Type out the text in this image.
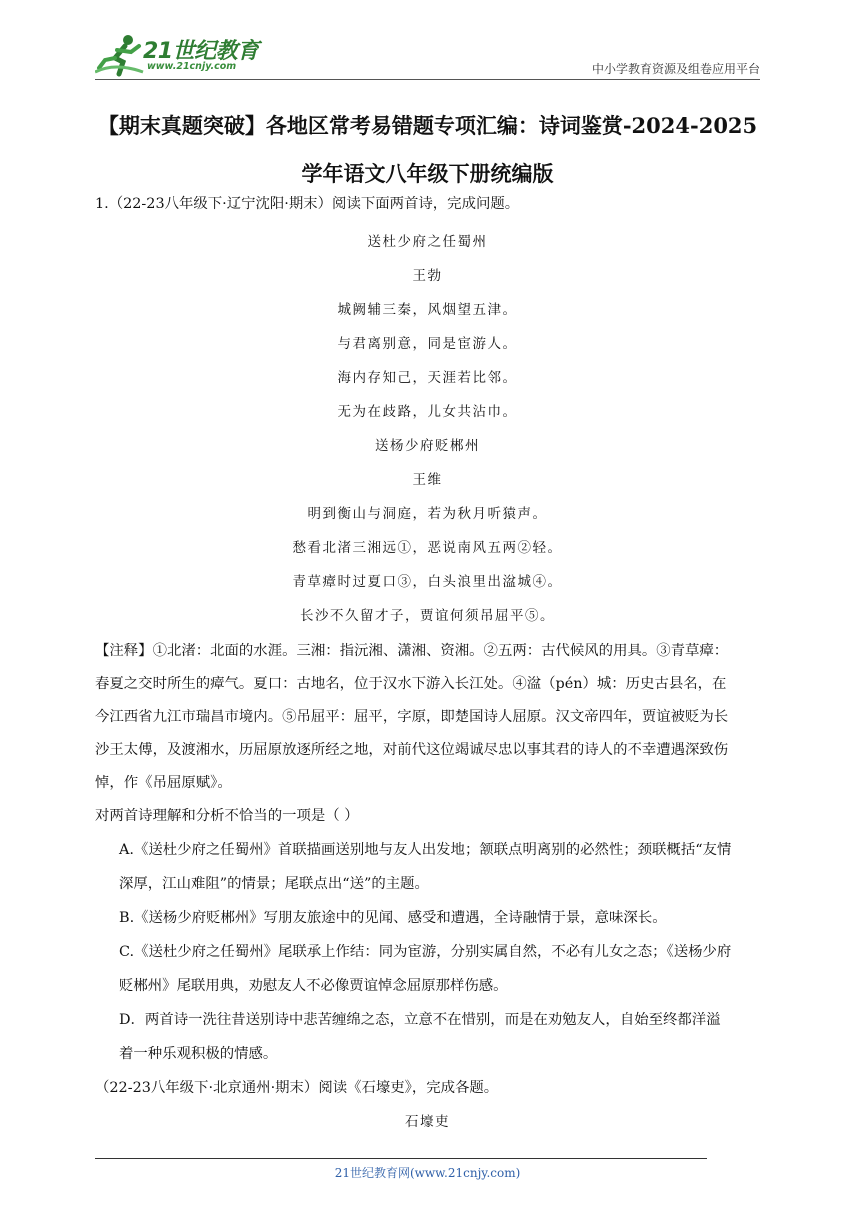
21世纪教育
www.21cnjy.com	中小学教育资源及组卷应用平台
【期末真题突破】各地区常考易错题专项汇编：诗词鉴赏-2024-2025
学年语文八年级下册统编版
1.（22-23八年级下·辽宁沈阳·期末）阅读下面两首诗，完成问题。
送杜少府之任蜀州
王勃
城阙辅三秦，风烟望五津。
与君离别意，同是宦游人。
海内存知己，天涯若比邻。
无为在歧路，儿女共沾巾。
送杨少府贬郴州
王维
明到衡山与洞庭，若为秋月听猿声。
愁看北渚三湘远①，恶说南风五两②轻。
青草瘴时过夏口③，白头浪里出湓城④。
长沙不久留才子，贾谊何须吊屈平⑤。
【注释】①北渚：北面的水涯。三湘：指沅湘、潇湘、资湘。②五两：古代候风的用具。③青草瘴：
春夏之交时所生的瘴气。夏口：古地名，位于汉水下游入长江处。④湓（pén）城：历史古县名，在
今江西省九江市瑞昌市境内。⑤吊屈平：屈平，字原，即楚国诗人屈原。汉文帝四年，贾谊被贬为长
沙王太傅，及渡湘水，历屈原放逐所经之地，对前代这位竭诚尽忠以事其君的诗人的不幸遭遇深致伤
悼，作《吊屈原赋》。
对两首诗理解和分析不恰当的一项是（ ）
A.《送杜少府之任蜀州》首联描画送别地与友人出发地；颔联点明离别的必然性；颈联概括“友情
深厚，江山难阻”的情景；尾联点出“送”的主题。
B.《送杨少府贬郴州》写朋友旅途中的见闻、感受和遭遇，全诗融情于景，意味深长。
C.《送杜少府之任蜀州》尾联承上作结：同为宦游，分别实属自然，不必有儿女之态；《送杨少府
贬郴州》尾联用典，劝慰友人不必像贾谊悼念屈原那样伤感。
D．两首诗一洗往昔送别诗中悲苦缠绵之态，立意不在惜别，而是在劝勉友人，自始至终都洋溢
着一种乐观积极的情感。
（22-23八年级下·北京通州·期末）阅读《石壕吏》，完成各题。
石壕吏
21世纪教育网(www.21cnjy.com)
